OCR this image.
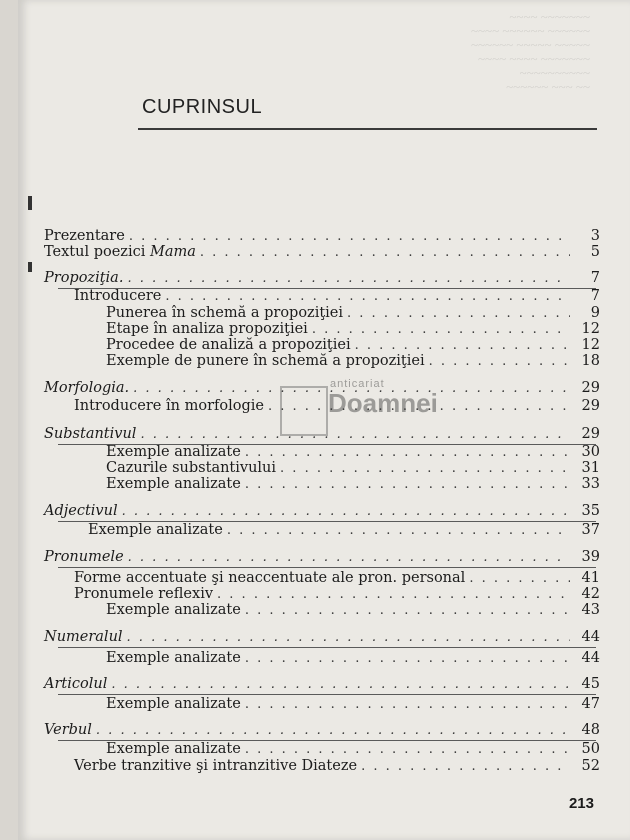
~~~~ ~~~~~~~
~~~~ ~~~~~~ ~~~~~~
~~~~~~ ~~~~~ ~~~~~
~~~~ ~~~~ ~~~~~~~
~~~~~~~~~~
~~~~~~ ~~~ ~~
CUPRINSUL
Prezentare . . .	3
Textul poezici Mama . . .	5
Propoziţia. . . .	7
Introducere . . .	7
Punerea în schemă a propoziţiei . . .	9
Etape în analiza propoziţiei . . .	12
Procedee de analiză a propoziţiei . . .	12
Exemple de punere în schemă a propoziţiei . . .	18
Morfologia. . . .	29
Introducere în morfologie . . .	29
Substantivul . . .	29
Exemple analizate . . .	30
Cazurile substantivului . . .	31
Exemple analizate . . .	33
Adjectivul . . .	35
Exemple analizate . . .	37
Pronumele . . .	39
Forme accentuate şi neaccentuate ale pron. personal . . .	41
Pronumele reflexiv . . .	42
Exemple analizate . . .	43
Numeralul . . .	44
Exemple analizate . . .	44
Articolul . . .	45
Exemple analizate . . .	47
Verbul . . .	48
Exemple analizate . . .	50
Verbe tranzitive şi intranzitive Diateze . . .	52
anticariat
Doamnei
213
